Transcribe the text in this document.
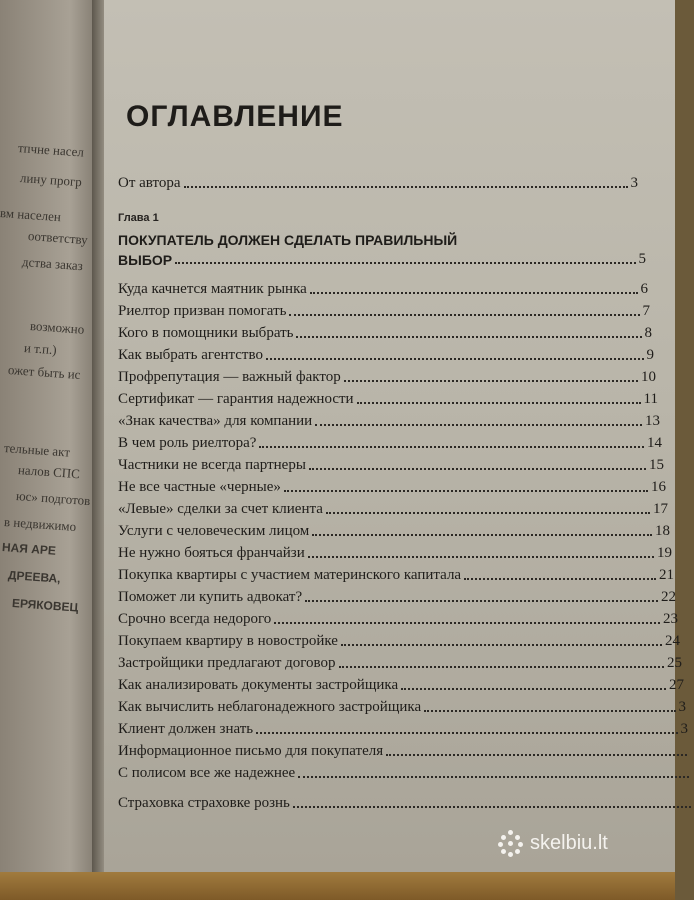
тпчне насел
лину прогр
вм населен
оответству
дства заказ
возможно
и т.п.)
ожет быть ис
тельные акт
налов СПС
юс» подготов
в недвижимо
НАЯ АРЕ
ДРЕЕВА,
ЕРЯКОВЕЦ
ОГЛАВЛЕНИЕ
От автора	3
Глава 1
ПОКУПАТЕЛЬ ДОЛЖЕН СДЕЛАТЬ ПРАВИЛЬНЫЙ
ВЫБОР	5
Куда качнется маятник рынка	6
Риелтор призван помогать	7
Кого в помощники выбрать	8
Как выбрать агентство	9
Профрепутация — важный фактор	10
Сертификат — гарантия надежности	11
«Знак качества» для компании	13
В чем роль риелтора?	14
Частники не всегда партнеры	15
Не все частные «черные»	16
«Левые» сделки за счет клиента	17
Услуги с человеческим лицом	18
Не нужно бояться франчайзи	19
Покупка квартиры с участием материнского капитала	21
Поможет ли купить адвокат?	22
Срочно всегда недорого	23
Покупаем квартиру в новостройке	24
Застройщики предлагают договор	25
Как анализировать документы застройщика	27
Как вычислить неблагонадежного застройщика	3
Клиент должен знать	3
Информационное письмо для покупателя
С полисом все же надежнее
Страховка страховке рознь
skelbiu.lt
